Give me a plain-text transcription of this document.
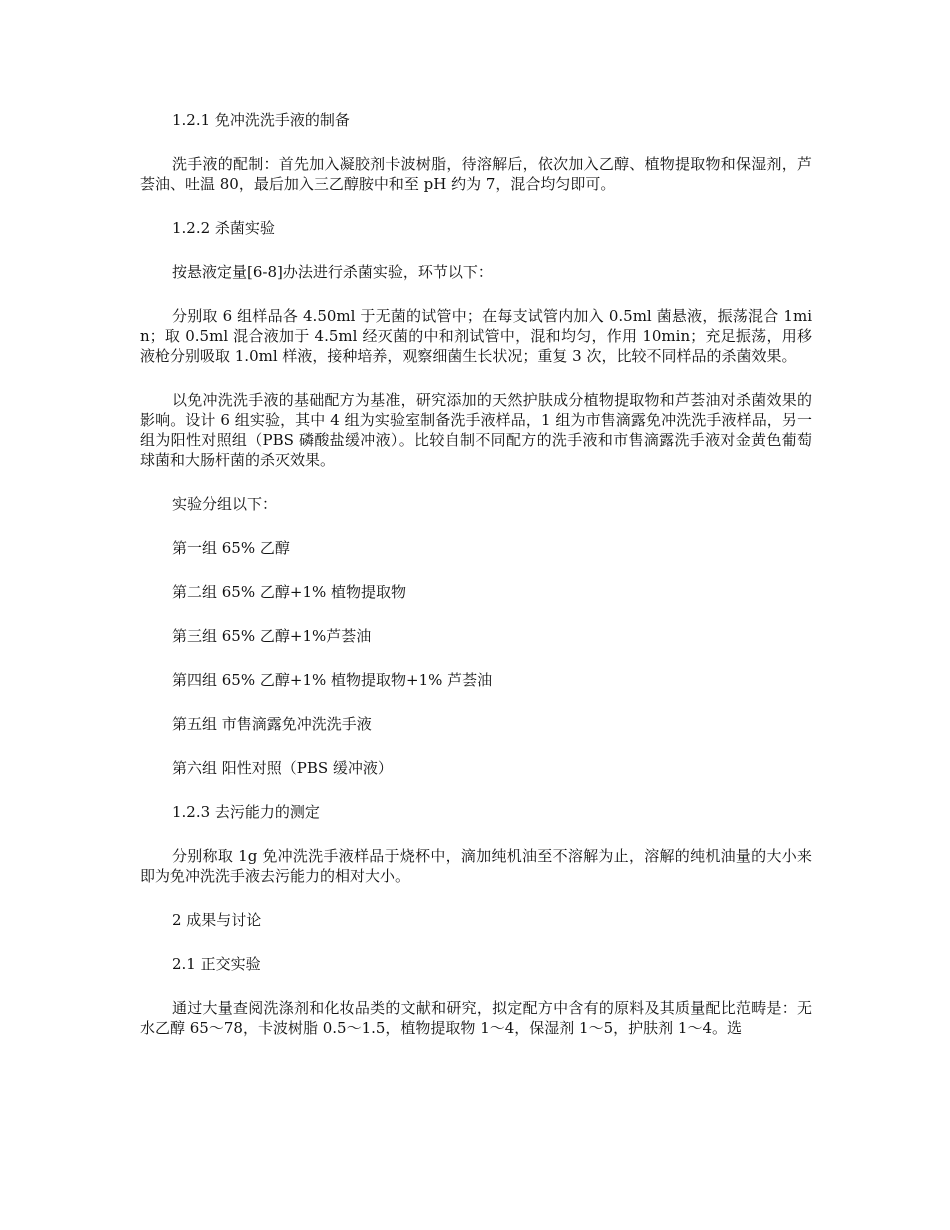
1.2.1 免冲洗洗手液的制备

洗手液的配制：首先加入凝胶剂卡波树脂，待溶解后，依次加入乙醇、植物提取物和保湿剂，芦荟油、吐温 80，最后加入三乙醇胺中和至 pH 约为 7，混合均匀即可。

1.2.2 杀菌实验

按悬液定量[6-8]办法进行杀菌实验，环节以下：

分别取 6 组样品各 4.50ml 于无菌的试管中；在每支试管内加入 0.5ml 菌悬液，振荡混合 1min；取 0.5ml 混合液加于 4.5ml 经灭菌的中和剂试管中，混和均匀，作用 10min；充足振荡，用移液枪分别吸取 1.0ml 样液，接种培养，观察细菌生长状况；重复 3 次，比较不同样品的杀菌效果。

以免冲洗洗手液的基础配方为基准，研究添加的天然护肤成分植物提取物和芦荟油对杀菌效果的影响。设计 6 组实验，其中 4 组为实验室制备洗手液样品，1 组为市售滴露免冲洗洗手液样品，另一组为阳性对照组（PBS 磷酸盐缓冲液）。比较自制不同配方的洗手液和市售滴露洗手液对金黄色葡萄球菌和大肠杆菌的杀灭效果。

实验分组以下：

第一组 65% 乙醇

第二组 65% 乙醇+1% 植物提取物

第三组 65% 乙醇+1%芦荟油

第四组 65% 乙醇+1% 植物提取物+1% 芦荟油

第五组 市售滴露免冲洗洗手液

第六组 阳性对照（PBS 缓冲液）

1.2.3 去污能力的测定

分别称取 1g 免冲洗洗手液样品于烧杯中，滴加纯机油至不溶解为止，溶解的纯机油量的大小来即为免冲洗洗手液去污能力的相对大小。

2 成果与讨论

2.1 正交实验

通过大量查阅洗涤剂和化妆品类的文献和研究，拟定配方中含有的原料及其质量配比范畴是：无水乙醇 65～78，卡波树脂 0.5～1.5，植物提取物 1～4，保湿剂 1～5，护肤剂 1～4。选
